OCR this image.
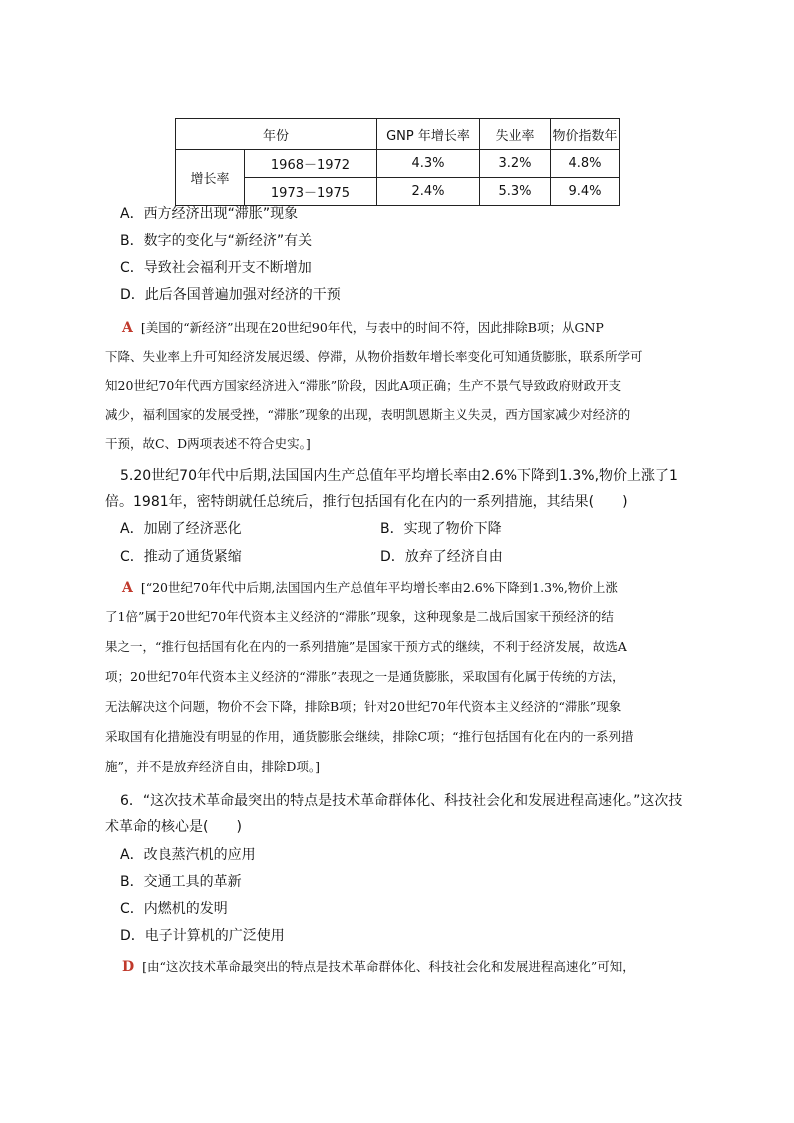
年份		GNP 年增长率	失业率	物价指数年
增长率	1968－1972	4.3%	3.2%	4.8%
	1973－1975	2.4%	5.3%	9.4%
A．西方经济出现“滞胀”现象
B．数字的变化与“新经济”有关
C．导致社会福利开支不断增加
D．此后各国普遍加强对经济的干预
A [美国的“新经济”出现在20世纪90年代，与表中的时间不符，因此排除B项；从GNP
下降、失业率上升可知经济发展迟缓、停滞，从物价指数年增长率变化可知通货膨胀，联系所学可
知20世纪70年代西方国家经济进入“滞胀”阶段，因此A项正确；生产不景气导致政府财政开支
减少，福利国家的发展受挫，“滞胀”现象的出现，表明凯恩斯主义失灵，西方国家减少对经济的
干预，故C、D两项表述不符合史实。]
5.20世纪70年代中后期,法国国内生产总值年平均增长率由2.6%下降到1.3%,物价上涨了1
倍。1981年，密特朗就任总统后，推行包括国有化在内的一系列措施，其结果(　　)
A．加剧了经济恶化	B．实现了物价下降
C．推动了通货紧缩	D．放弃了经济自由
A [“20世纪70年代中后期,法国国内生产总值年平均增长率由2.6%下降到1.3%,物价上涨
了1倍”属于20世纪70年代资本主义经济的“滞胀”现象，这种现象是二战后国家干预经济的结
果之一，“推行包括国有化在内的一系列措施”是国家干预方式的继续，不利于经济发展，故选A
项；20世纪70年代资本主义经济的“滞胀”表现之一是通货膨胀，采取国有化属于传统的方法，
无法解决这个问题，物价不会下降，排除B项；针对20世纪70年代资本主义经济的“滞胀”现象
采取国有化措施没有明显的作用，通货膨胀会继续，排除C项；“推行包括国有化在内的一系列措
施”，并不是放弃经济自由，排除D项。]
6．“这次技术革命最突出的特点是技术革命群体化、科技社会化和发展进程高速化。”这次技
术革命的核心是(　　)
A．改良蒸汽机的应用
B．交通工具的革新
C．内燃机的发明
D．电子计算机的广泛使用
D [由“这次技术革命最突出的特点是技术革命群体化、科技社会化和发展进程高速化”可知，
